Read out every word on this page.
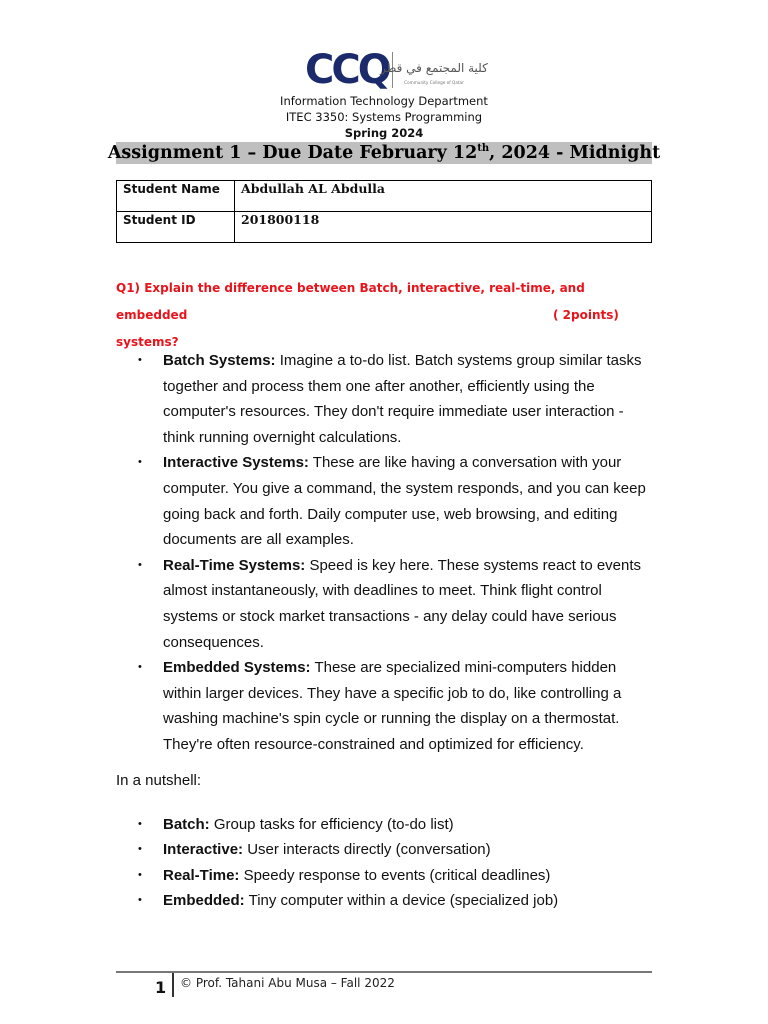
CCQ
كلية المجتمع في قطر
Community College of Qatar
Information Technology Department
ITEC 3350: Systems Programming
Spring 2024
Assignment 1 – Due Date February 12th, 2024 - Midnight
Student Name	Abdullah AL Abdulla
Student ID	201800118
Q1) Explain the difference between Batch, interactive, real-time, and embedded
systems?
( 2points)
• Batch Systems: Imagine a to-do list. Batch systems group similar tasks together and process them one after another, efficiently using the computer's resources. They don't require immediate user interaction - think running overnight calculations.
• Interactive Systems: These are like having a conversation with your computer. You give a command, the system responds, and you can keep going back and forth. Daily computer use, web browsing, and editing documents are all examples.
• Real-Time Systems: Speed is key here. These systems react to events almost instantaneously, with deadlines to meet. Think flight control systems or stock market transactions - any delay could have serious consequences.
• Embedded Systems: These are specialized mini-computers hidden within larger devices. They have a specific job to do, like controlling a washing machine's spin cycle or running the display on a thermostat. They're often resource-constrained and optimized for efficiency.
In a nutshell:
• Batch: Group tasks for efficiency (to-do list)
• Interactive: User interacts directly (conversation)
• Real-Time: Speedy response to events (critical deadlines)
• Embedded: Tiny computer within a device (specialized job)
1 © Prof. Tahani Abu Musa – Fall 2022
